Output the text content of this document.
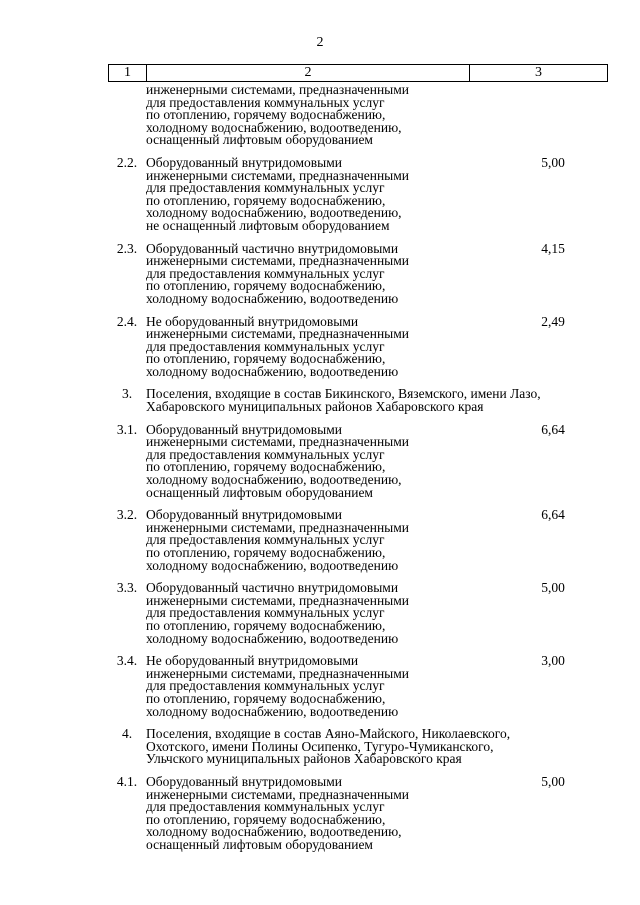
2
1	2	3
инженерными системами, предназначенными
для предоставления коммунальных услуг
по отоплению, горячему водоснабжению,
холодному водоснабжению, водоотведению,
оснащенный лифтовым оборудованием
2.2. Оборудованный внутридомовыми
инженерными системами, предназначенными
для предоставления коммунальных услуг
по отоплению, горячему водоснабжению,
холодному водоснабжению, водоотведению,
не оснащенный лифтовым оборудованием
5,00
2.3. Оборудованный частично внутридомовыми
инженерными системами, предназначенными
для предоставления коммунальных услуг
по отоплению, горячему водоснабжению,
холодному водоснабжению, водоотведению
4,15
2.4. Не оборудованный внутридомовыми
инженерными системами, предназначенными
для предоставления коммунальных услуг
по отоплению, горячему водоснабжению,
холодному водоснабжению, водоотведению
2,49
3.	Поселения, входящие в состав Бикинского, Вяземского, имени Лазо,
Хабаровского муниципальных районов Хабаровского края
3.1. Оборудованный внутридомовыми
инженерными системами, предназначенными
для предоставления коммунальных услуг
по отоплению, горячему водоснабжению,
холодному водоснабжению, водоотведению,
оснащенный лифтовым оборудованием
6,64
3.2. Оборудованный внутридомовыми
инженерными системами, предназначенными
для предоставления коммунальных услуг
по отоплению, горячему водоснабжению,
холодному водоснабжению, водоотведению
6,64
3.3. Оборудованный частично внутридомовыми
инженерными системами, предназначенными
для предоставления коммунальных услуг
по отоплению, горячему водоснабжению,
холодному водоснабжению, водоотведению
5,00
3.4. Не оборудованный внутридомовыми
инженерными системами, предназначенными
для предоставления коммунальных услуг
по отоплению, горячему водоснабжению,
холодному водоснабжению, водоотведению
3,00
4.	Поселения, входящие в состав Аяно-Майского, Николаевского,
Охотского, имени Полины Осипенко, Тугуро-Чумиканского,
Ульчского муниципальных районов Хабаровского края
4.1. Оборудованный внутридомовыми
инженерными системами, предназначенными
для предоставления коммунальных услуг
по отоплению, горячему водоснабжению,
холодному водоснабжению, водоотведению,
оснащенный лифтовым оборудованием
5,00
